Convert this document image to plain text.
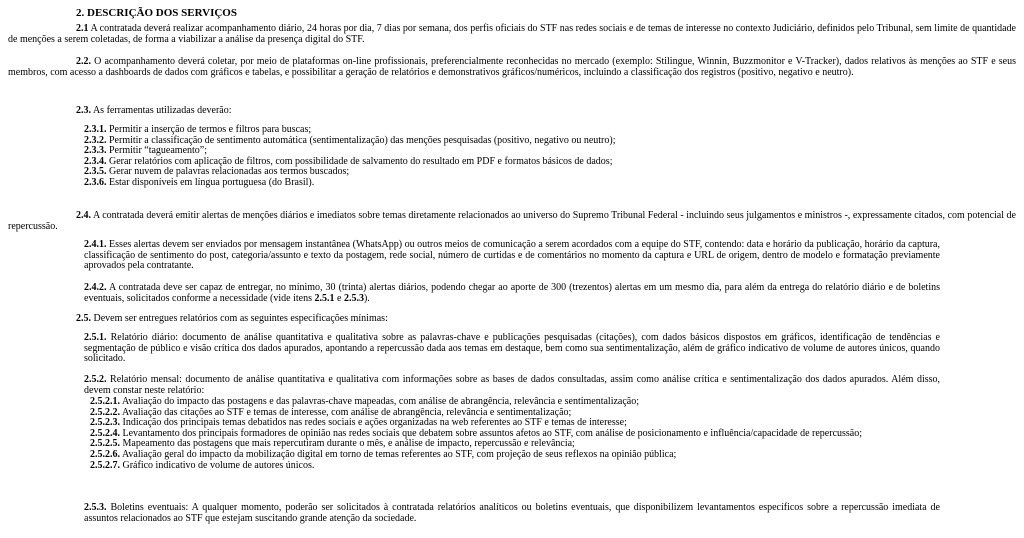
2. DESCRIÇÃO DOS SERVIÇOS

2.1 A contratada deverá realizar acompanhamento diário, 24 horas por dia, 7 dias por semana, dos perfis oficiais do STF nas redes sociais e de temas de interesse no contexto Judiciário, definidos pelo Tribunal, sem limite de quantidade de menções a serem coletadas, de forma a viabilizar a análise da presença digital do STF.

2.2. O acompanhamento deverá coletar, por meio de plataformas on-line profissionais, preferencialmente reconhecidas no mercado (exemplo: Stilingue, Winnin, Buzzmonitor e V-Tracker), dados relativos às menções ao STF e seus membros, com acesso a dashboards de dados com gráficos e tabelas, e possibilitar a geração de relatórios e demonstrativos gráficos/numéricos, incluindo a classificação dos registros (positivo, negativo e neutro).

2.3. As ferramentas utilizadas deverão:

2.3.1. Permitir a inserção de termos e filtros para buscas;
2.3.2. Permitir a classificação de sentimento automática (sentimentalização) das menções pesquisadas (positivo, negativo ou neutro);
2.3.3. Permitir “tagueamento”;
2.3.4. Gerar relatórios com aplicação de filtros, com possibilidade de salvamento do resultado em PDF e formatos básicos de dados;
2.3.5. Gerar nuvem de palavras relacionadas aos termos buscados;
2.3.6. Estar disponíveis em língua portuguesa (do Brasil).

2.4. A contratada deverá emitir alertas de menções diários e imediatos sobre temas diretamente relacionados ao universo do Supremo Tribunal Federal - incluindo seus julgamentos e ministros -, expressamente citados, com potencial de repercussão.

2.4.1. Esses alertas devem ser enviados por mensagem instantânea (WhatsApp) ou outros meios de comunicação a serem acordados com a equipe do STF, contendo: data e horário da publicação, horário da captura, classificação de sentimento do post, categoria/assunto e texto da postagem, rede social, número de curtidas e de comentários no momento da captura e URL de origem, dentro de modelo e formatação previamente aprovados pela contratante.

2.4.2. A contratada deve ser capaz de entregar, no mínimo, 30 (trinta) alertas diários, podendo chegar ao aporte de 300 (trezentos) alertas em um mesmo dia, para além da entrega do relatório diário e de boletins eventuais, solicitados conforme a necessidade (vide itens 2.5.1 e 2.5.3).

2.5. Devem ser entregues relatórios com as seguintes especificações mínimas:

2.5.1. Relatório diário: documento de análise quantitativa e qualitativa sobre as palavras-chave e publicações pesquisadas (citações), com dados básicos dispostos em gráficos, identificação de tendências e segmentação de público e visão crítica dos dados apurados, apontando a repercussão dada aos temas em destaque, bem como sua sentimentalização, além de gráfico indicativo de volume de autores únicos, quando solicitado.

2.5.2. Relatório mensal: documento de análise quantitativa e qualitativa com informações sobre as bases de dados consultadas, assim como análise crítica e sentimentalização dos dados apurados. Além disso, devem constar neste relatório:

2.5.2.1. Avaliação do impacto das postagens e das palavras-chave mapeadas, com análise de abrangência, relevância e sentimentalização;
2.5.2.2. Avaliação das citações ao STF e temas de interesse, com análise de abrangência, relevância e sentimentalização;
2.5.2.3. Indicação dos principais temas debatidos nas redes sociais e ações organizadas na web referentes ao STF e temas de interesse;
2.5.2.4. Levantamento dos principais formadores de opinião nas redes sociais que debatem sobre assuntos afetos ao STF, com análise de posicionamento e influência/capacidade de repercussão;
2.5.2.5. Mapeamento das postagens que mais repercutiram durante o mês, e análise de impacto, repercussão e relevância;
2.5.2.6. Avaliação geral do impacto da mobilização digital em torno de temas referentes ao STF, com projeção de seus reflexos na opinião pública;
2.5.2.7. Gráfico indicativo de volume de autores únicos.

2.5.3. Boletins eventuais: A qualquer momento, poderão ser solicitados à contratada relatórios analíticos ou boletins eventuais, que disponibilizem levantamentos específicos sobre a repercussão imediata de assuntos relacionados ao STF que estejam suscitando grande atenção da sociedade.
